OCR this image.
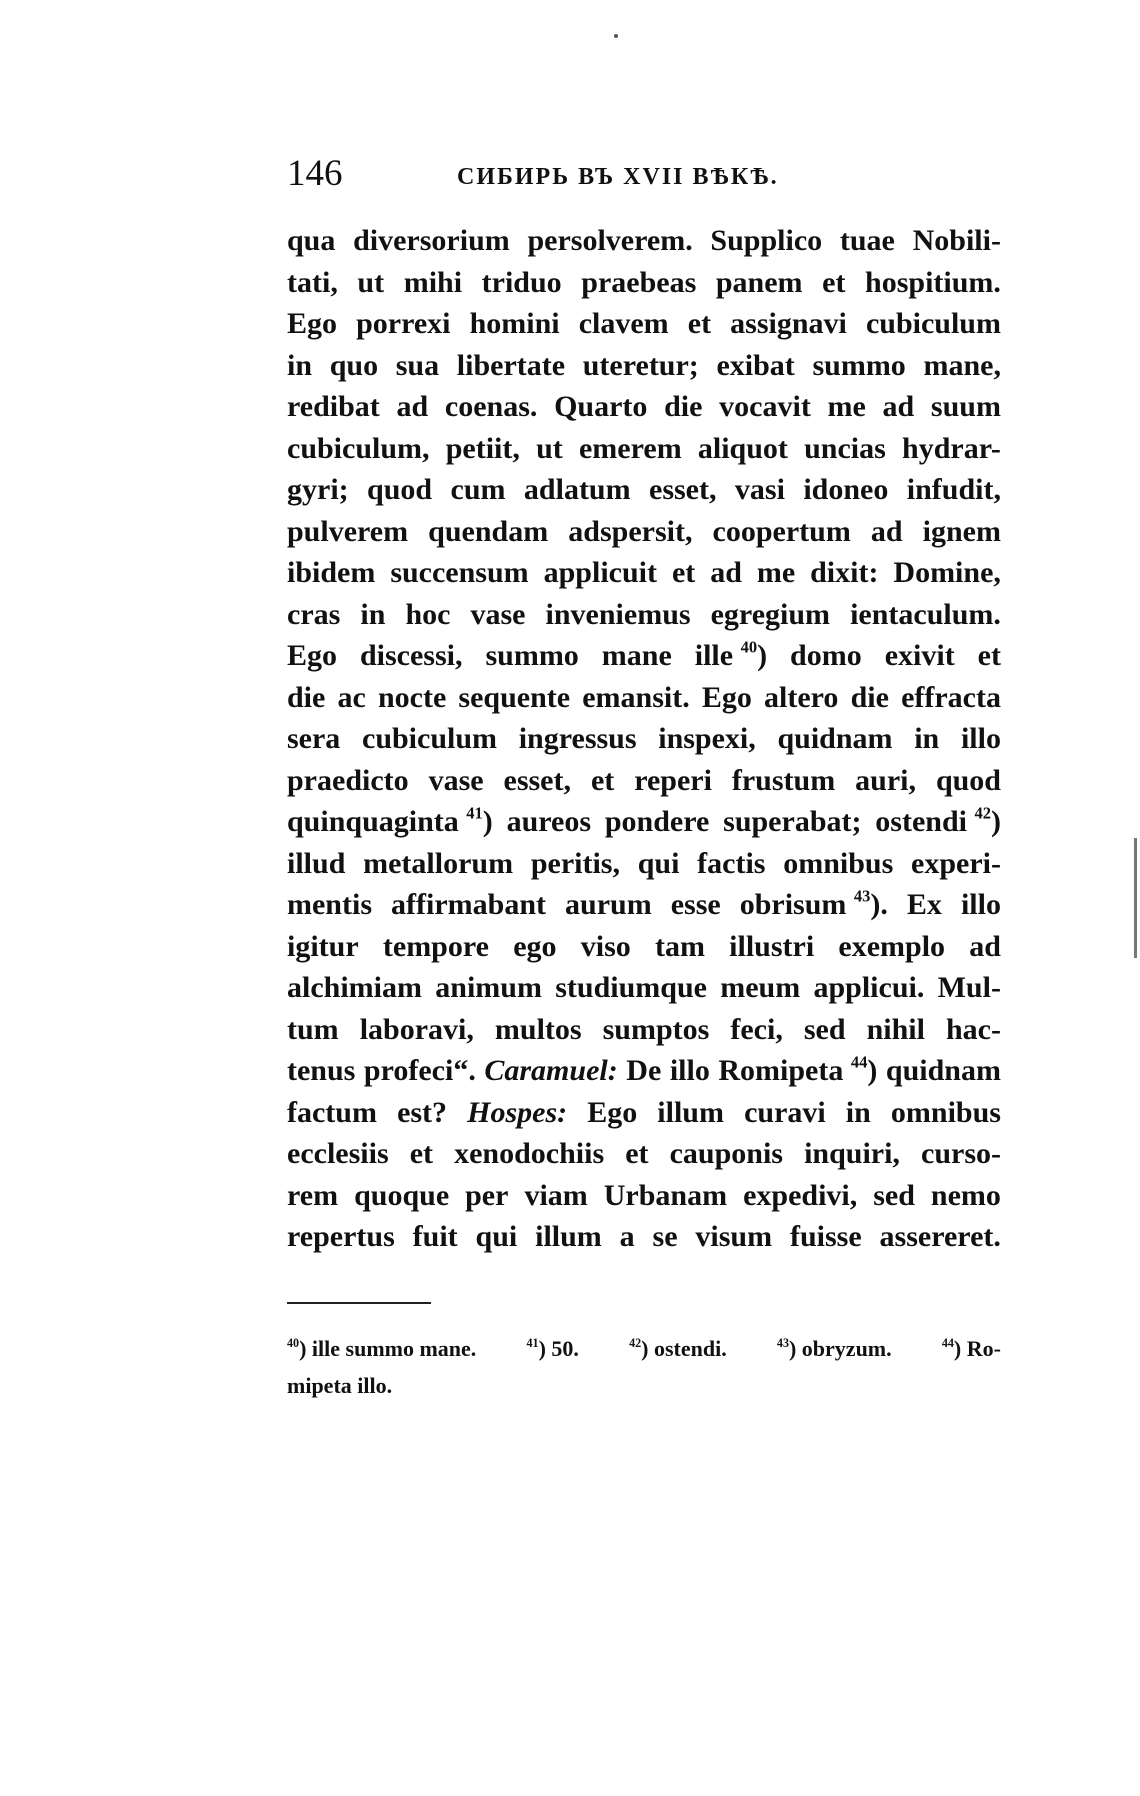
146	СИБИРЬ ВЪ XVII ВѢКѢ.
qua diversorium persolverem. Supplico tuae Nobili-
tati, ut mihi triduo praebeas panem et hospitium.
Ego porrexi homini clavem et assignavi cubiculum
in quo sua libertate uteretur; exibat summo mane,
redibat ad coenas. Quarto die vocavit me ad suum
cubiculum, petiit, ut emerem aliquot uncias hydrar-
gyri; quod cum adlatum esset, vasi idoneo infudit,
pulverem quendam adspersit, coopertum ad ignem
ibidem succensum applicuit et ad me dixit: Domine,
cras in hoc vase inveniemus egregium ientaculum.
Ego discessi, summo mane ille $^{40}$) domo exivit et
die ac nocte sequente emansit. Ego altero die effracta
sera cubiculum ingressus inspexi, quidnam in illo
praedicto vase esset, et reperi frustum auri, quod
quinquaginta $^{41}$) aureos pondere superabat; ostendi $^{42}$)
illud metallorum peritis, qui factis omnibus experi-
mentis affirmabant aurum esse obrisum $^{43}$). Ex illo
igitur tempore ego viso tam illustri exemplo ad
alchimiam animum studiumque meum applicui. Mul-
tum laboravi, multos sumptos feci, sed nihil hac-
tenus profeci“. Caramuel: De illo Romipeta $^{44}$) quidnam
factum est? Hospes: Ego illum curavi in omnibus
ecclesiis et xenodochiis et cauponis inquiri, curso-
rem quoque per viam Urbanam expedivi, sed nemo
repertus fuit qui illum a se visum fuisse assereret.
$^{40}$) ille summo mane.	$^{41}$) 50.	$^{42}$) ostendi.	$^{43}$) obryzum.	$^{44}$) Ro-
mipeta illo.
